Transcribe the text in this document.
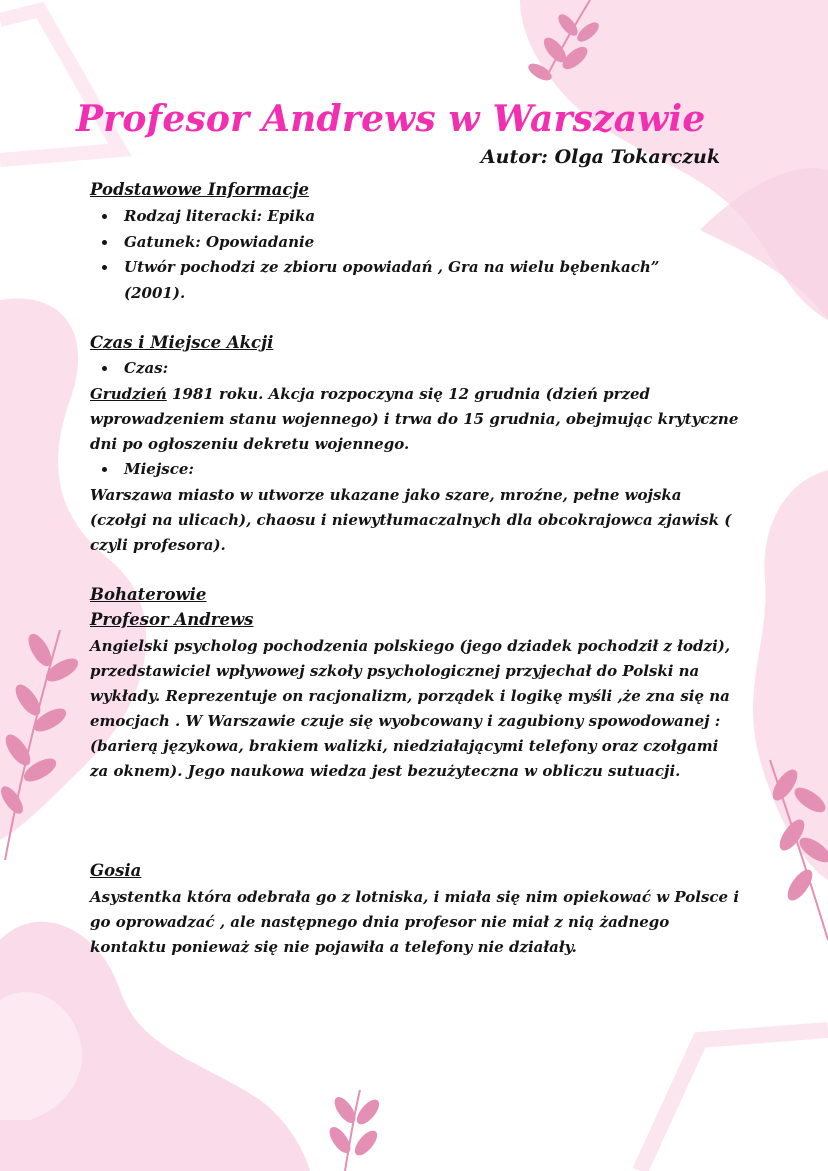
Profesor Andrews w Warszawie
Autor: Olga Tokarczuk
Podstawowe Informacje
• Rodzaj literacki: Epika
• Gatunek: Opowiadanie
• Utwór pochodzi ze zbioru opowiadań , Gra na wielu bębenkach” (2001).
Czas i Miejsce Akcji
• Czas:
Grudzień 1981 roku. Akcja rozpoczyna się 12 grudnia (dzień przed wprowadzeniem stanu wojennego) i trwa do 15 grudnia, obejmując krytyczne dni po ogłoszeniu dekretu wojennego.
• Miejsce:
Warszawa miasto w utworze ukazane jako szare, mroźne, pełne wojska (czołgi na ulicach), chaosu i niewytłumaczalnych dla obcokrajowca zjawisk ( czyli profesora).
Bohaterowie
Profesor Andrews
Angielski psycholog pochodzenia polskiego (jego dziadek pochodził z łodzi), przedstawiciel wpływowej szkoły psychologicznej przyjechał do Polski na wykłady. Reprezentuje on racjonalizm, porządek i logikę myśli ,że zna się na emocjach . W Warszawie czuje się wyobcowany i zagubiony spowodowanej : (barierą językowa, brakiem walizki, niedziałającymi telefony oraz czołgami za oknem). Jego naukowa wiedza jest bezużyteczna w obliczu sutuacji.
Gosia
Asystentka która odebrała go z lotniska, i miała się nim opiekować w Polsce i go oprowadzać , ale następnego dnia profesor nie miał z nią żadnego kontaktu ponieważ się nie pojawiła a telefony nie działały.
